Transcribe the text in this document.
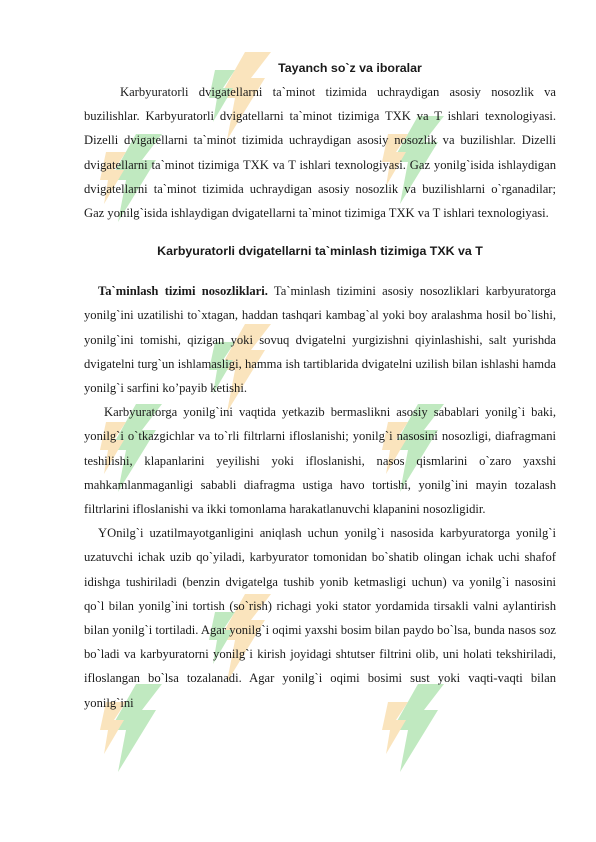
Tayanch so`z va iboralar

Karbyuratorli dvigatellarni ta`minot tizimida uchraydigan asosiy nosozlik va buzilishlar. Karbyuratorli dvigatellarni ta`minot tizimiga TXK va T ishlari texnologiyasi. Dizelli dvigatellarni ta`minot tizimida uchraydigan asosiy nosozlik va buzilishlar. Dizelli dvigatellarni ta`minot tizimiga TXK va T ishlari texnologiyasi. Gaz yonilg`isida ishlaydigan dvigatellarni ta`minot tizimida uchraydigan asosiy nosozlik va buzilishlarni o`rganadilar; Gaz yonilg`isida ishlaydigan dvigatellarni ta`minot tizimiga TXK va T ishlari texnologiyasi.

Karbyuratorli dvigatellarni ta`minlash tizimiga TXK va T

Ta`minlash tizimi nosozliklari. Ta`minlash tizimini asosiy nosozliklari karbyuratorga yonilg`ini uzatilishi to`xtagan, haddan tashqari kambag`al yoki boy aralashma hosil bo`lishi, yonilg`ini tomishi, qizigan yoki sovuq dvigatelni yurgizishni qiyinlashishi, salt yurishda dvigatelni turg`un ishlamasligi, hamma ish tartiblarida dvigatelni uzilish bilan ishlashi hamda yonilg`i sarfini ko’payib ketishi.

Karbyuratorga yonilg`ini vaqtida yetkazib bermaslikni asosiy sabablari yonilg`i baki, yonilg`i o`tkazgichlar va to`rli filtrlarni ifloslanishi; yonilg`i nasosini nosozligi, diafragmani teshilishi, klapanlarini yeyilishi yoki ifloslanishi, nasos qismlarini o`zaro yaxshi mahkamlanmaganligi sababli diafragma ustiga havo tortishi, yonilg`ini mayin tozalash filtrlarini ifloslanishi va ikki tomonlama harakatlanuvchi klapanini nosozligidir.

YOnilg`i uzatilmayotganligini aniqlash uchun yonilg`i nasosida karbyuratorga yonilg`i uzatuvchi ichak uzib qo`yiladi, karbyurator tomonidan bo`shatib olingan ichak uchi shafof idishga tushiriladi (benzin dvigatelga tushib yonib ketmasligi uchun) va yonilg`i nasosini qo`l bilan yonilg`ini tortish (so`rish) richagi yoki stator yordamida tirsakli valni aylantirish bilan yonilg`i tortiladi. Agar yonilg`i oqimi yaxshi bosim bilan paydo bo`lsa, bunda nasos soz bo`ladi va karbyuratorni yonilg`i kirish joyidagi shtutser filtrini olib, uni holati tekshiriladi, ifloslangan bo`lsa tozalanadi. Agar yonilg`i oqimi bosimi sust yoki vaqti-vaqti bilan yonilg`ini
